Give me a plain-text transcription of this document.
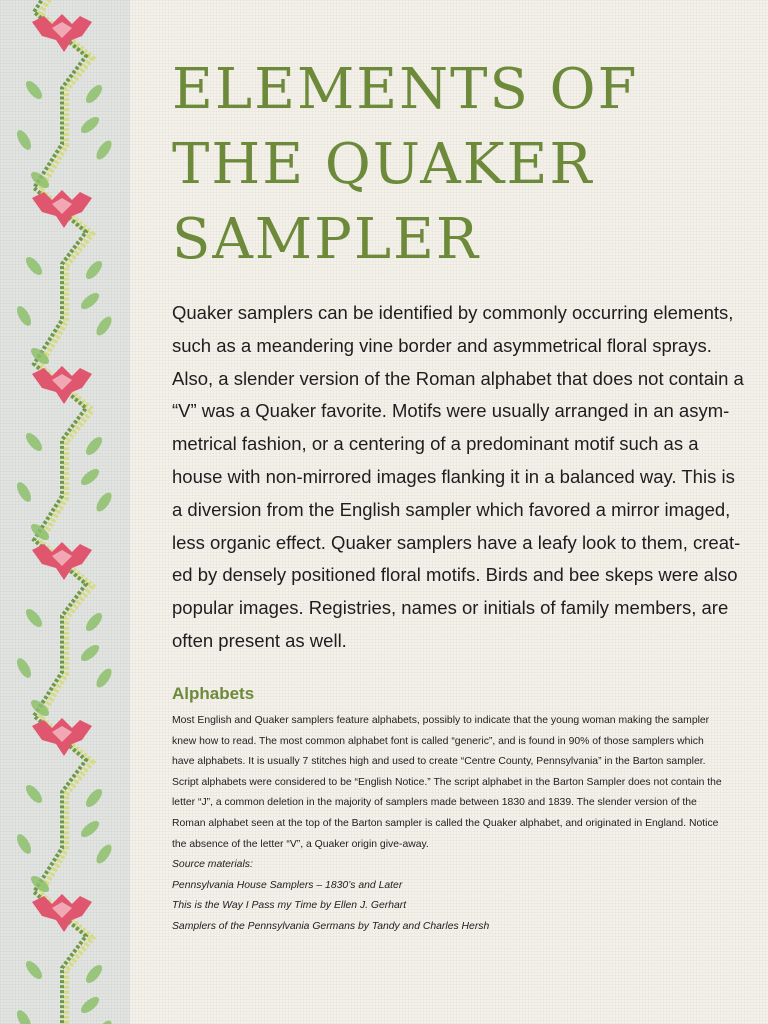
ELEMENTS OF
THE QUAKER
SAMPLER

Quaker samplers can be identified by commonly occurring elements,
such as a meandering vine border and asymmetrical floral sprays.
Also, a slender version of the Roman alphabet that does not contain a
“V” was a Quaker favorite. Motifs were usually arranged in an asym-
metrical fashion, or a centering of a predominant motif such as a
house with non-mirrored images flanking it in a balanced way. This is
a diversion from the English sampler which favored a mirror imaged,
less organic effect. Quaker samplers have a leafy look to them, creat-
ed by densely positioned floral motifs. Birds and bee skeps were also
popular images. Registries, names or initials of family members, are
often present as well.

Alphabets

Most English and Quaker samplers feature alphabets, possibly to indicate that the young woman making the sampler
knew how to read. The most common alphabet font is called “generic”, and is found in 90% of those samplers which
have alphabets. It is usually 7 stitches high and used to create “Centre County, Pennsylvania” in the Barton sampler.
Script alphabets were considered to be “English Notice.” The script alphabet in the Barton Sampler does not contain the
letter “J”, a common deletion in the majority of samplers made between 1830 and 1839. The slender version of the
Roman alphabet seen at the top of the Barton sampler is called the Quaker alphabet, and originated in England. Notice
the absence of the letter “V”, a Quaker origin give-away.

Source materials:
Pennsylvania House Samplers – 1830’s and Later
This is the Way I Pass my Time by Ellen J. Gerhart
Samplers of the Pennsylvania Germans by Tandy and Charles Hersh
